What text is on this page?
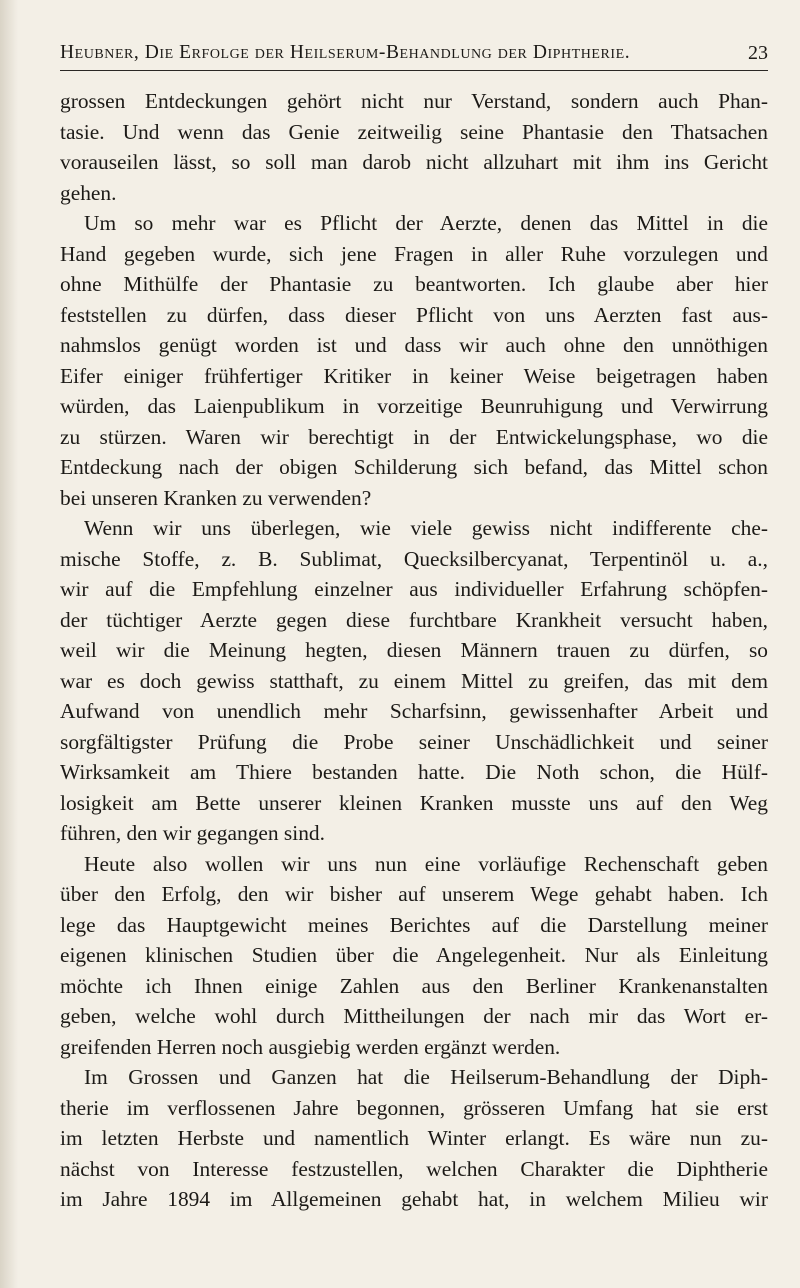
Heubner, Die Erfolge der Heilserum-Behandlung der Diphtherie.	23
grossen Entdeckungen gehört nicht nur Verstand, sondern auch Phan-
tasie. Und wenn das Genie zeitweilig seine Phantasie den Thatsachen
vorauseilen lässt, so soll man darob nicht allzuhart mit ihm ins Gericht
gehen.
Um so mehr war es Pflicht der Aerzte, denen das Mittel in die
Hand gegeben wurde, sich jene Fragen in aller Ruhe vorzulegen und
ohne Mithülfe der Phantasie zu beantworten. Ich glaube aber hier
feststellen zu dürfen, dass dieser Pflicht von uns Aerzten fast aus-
nahmslos genügt worden ist und dass wir auch ohne den unnöthigen
Eifer einiger frühfertiger Kritiker in keiner Weise beigetragen haben
würden, das Laienpublikum in vorzeitige Beunruhigung und Verwirrung
zu stürzen. Waren wir berechtigt in der Entwickelungsphase, wo die
Entdeckung nach der obigen Schilderung sich befand, das Mittel schon
bei unseren Kranken zu verwenden?
Wenn wir uns überlegen, wie viele gewiss nicht indifferente che-
mische Stoffe, z. B. Sublimat, Quecksilbercyanat, Terpentinöl u. a.,
wir auf die Empfehlung einzelner aus individueller Erfahrung schöpfen-
der tüchtiger Aerzte gegen diese furchtbare Krankheit versucht haben,
weil wir die Meinung hegten, diesen Männern trauen zu dürfen, so
war es doch gewiss statthaft, zu einem Mittel zu greifen, das mit dem
Aufwand von unendlich mehr Scharfsinn, gewissenhafter Arbeit und
sorgfältigster Prüfung die Probe seiner Unschädlichkeit und seiner
Wirksamkeit am Thiere bestanden hatte. Die Noth schon, die Hülf-
losigkeit am Bette unserer kleinen Kranken musste uns auf den Weg
führen, den wir gegangen sind.
Heute also wollen wir uns nun eine vorläufige Rechenschaft geben
über den Erfolg, den wir bisher auf unserem Wege gehabt haben. Ich
lege das Hauptgewicht meines Berichtes auf die Darstellung meiner
eigenen klinischen Studien über die Angelegenheit. Nur als Einleitung
möchte ich Ihnen einige Zahlen aus den Berliner Krankenanstalten
geben, welche wohl durch Mittheilungen der nach mir das Wort er-
greifenden Herren noch ausgiebig werden ergänzt werden.
Im Grossen und Ganzen hat die Heilserum-Behandlung der Diph-
therie im verflossenen Jahre begonnen, grösseren Umfang hat sie erst
im letzten Herbste und namentlich Winter erlangt. Es wäre nun zu-
nächst von Interesse festzustellen, welchen Charakter die Diphtherie
im Jahre 1894 im Allgemeinen gehabt hat, in welchem Milieu wir
